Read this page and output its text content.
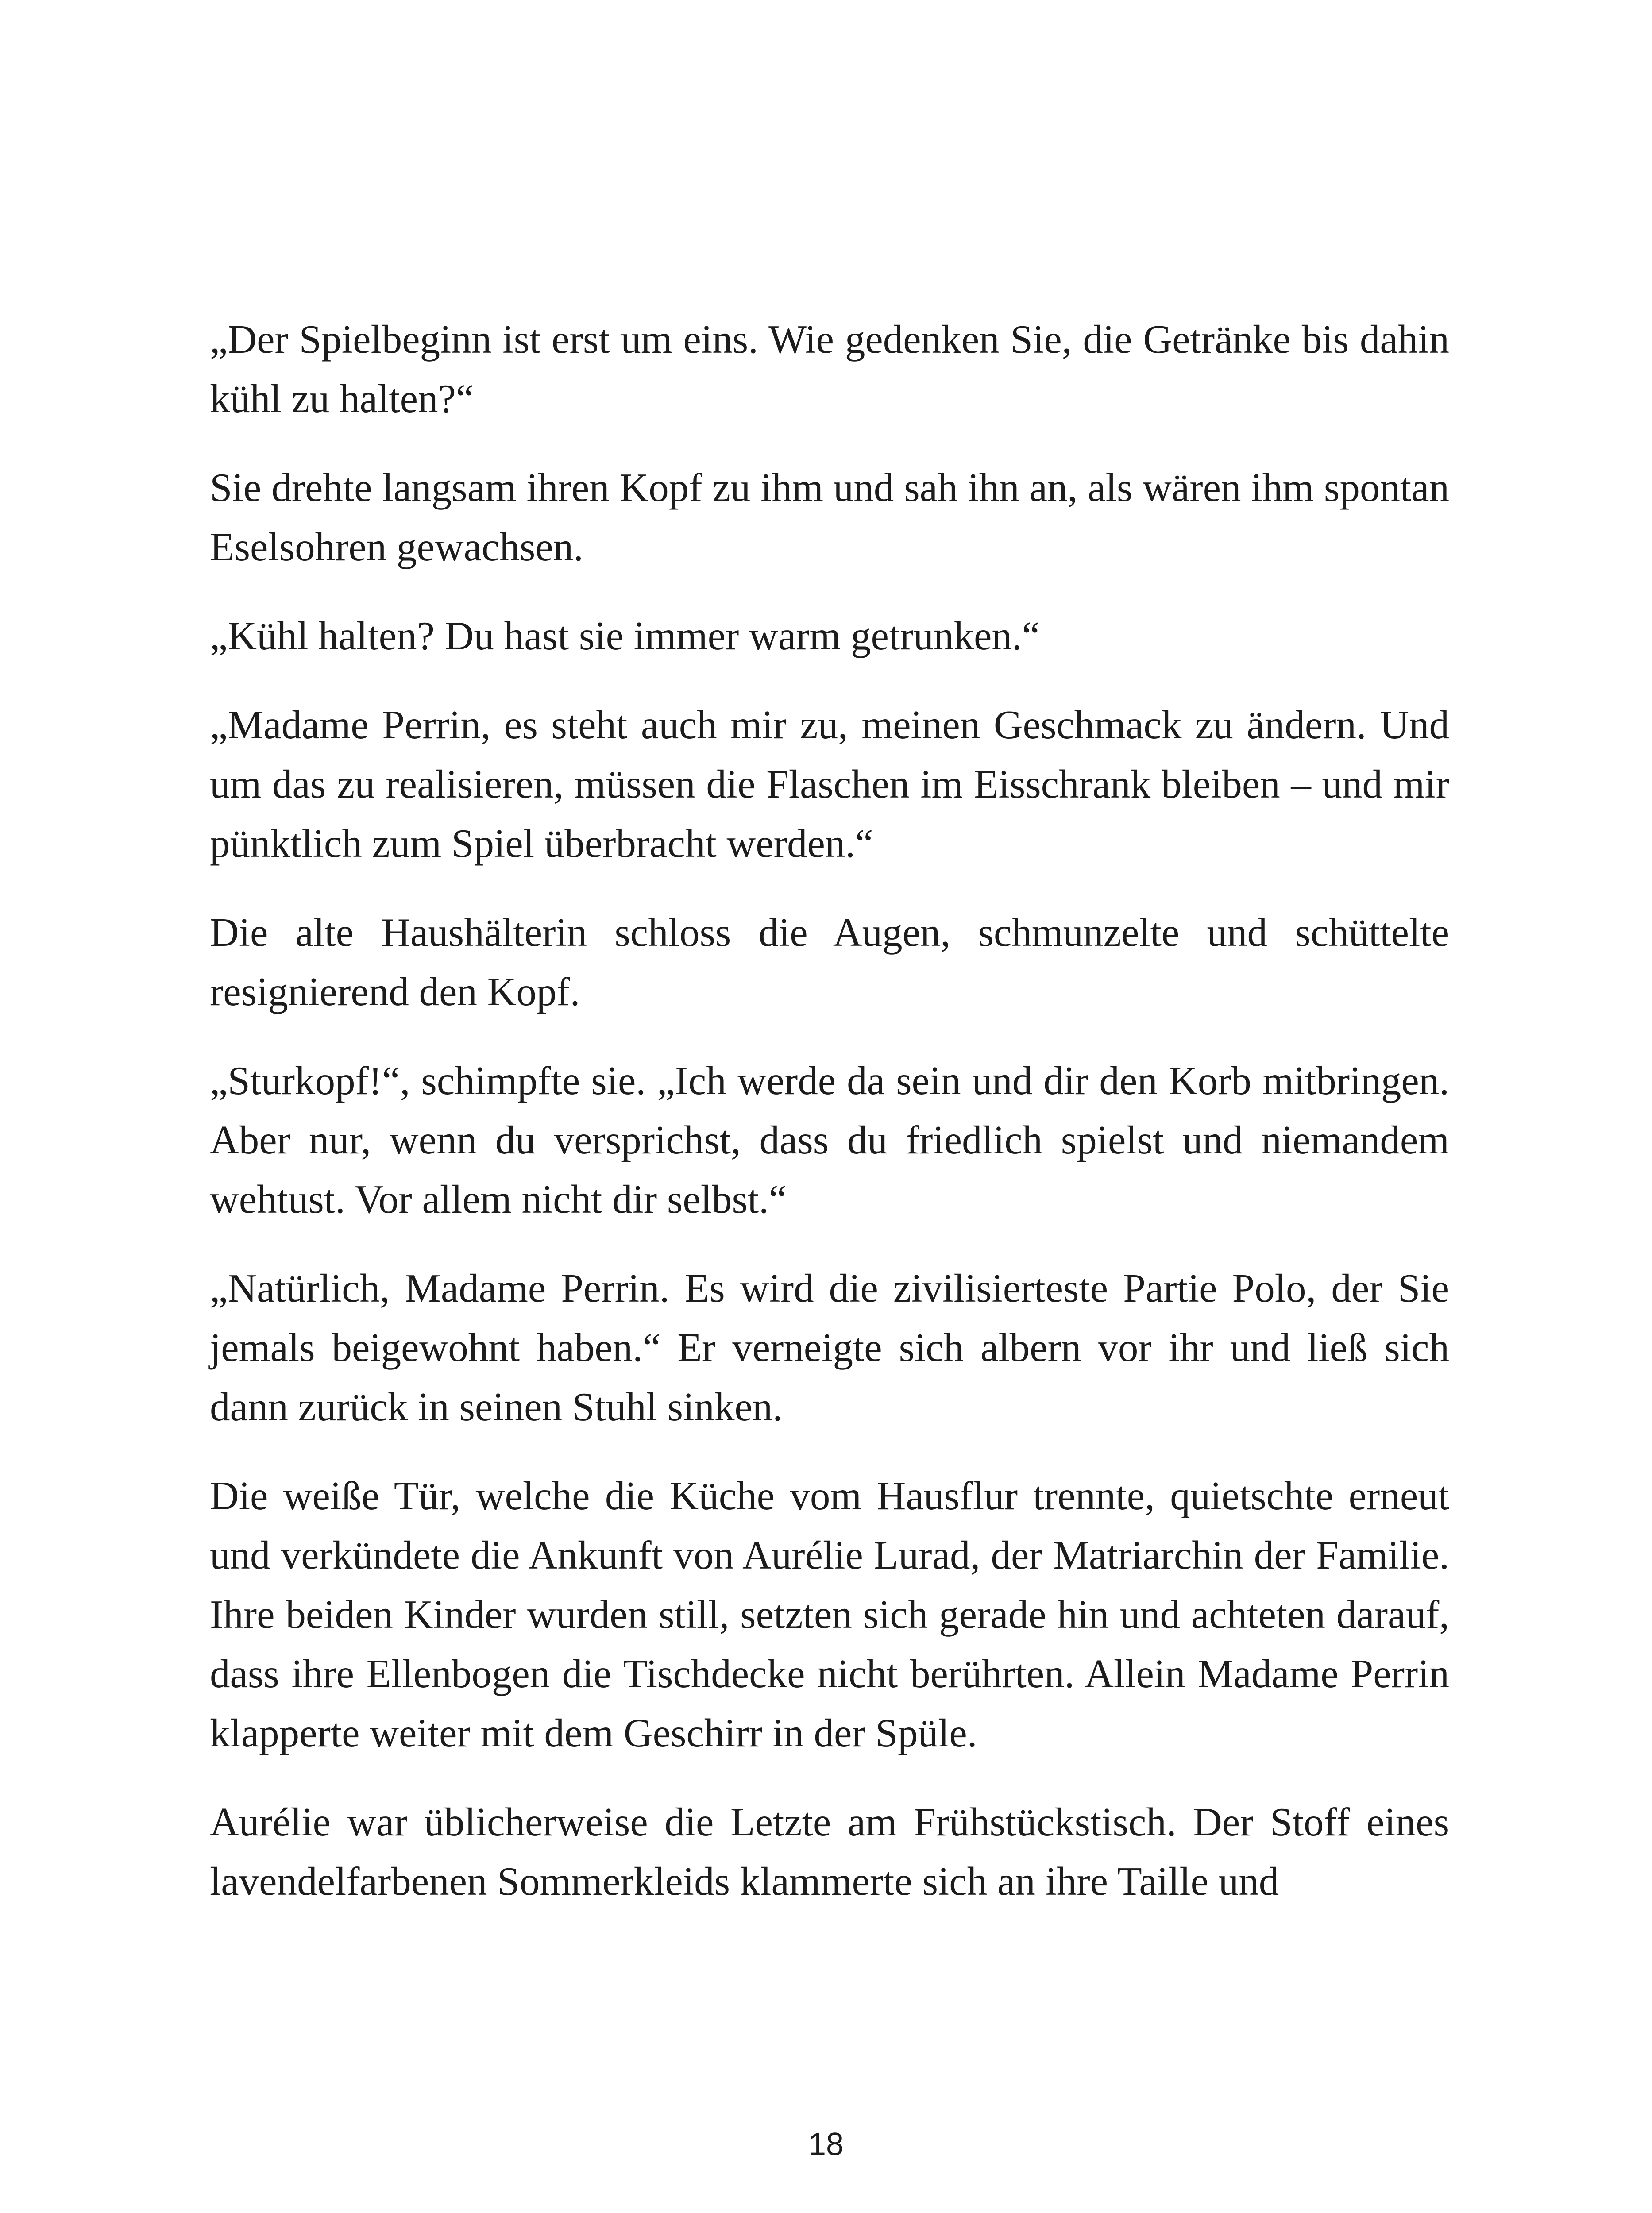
„Der Spielbeginn ist erst um eins. Wie gedenken Sie, die Getränke bis dahin kühl zu halten?“

Sie drehte langsam ihren Kopf zu ihm und sah ihn an, als wären ihm spontan Eselsohren gewachsen.

„Kühl halten? Du hast sie immer warm getrunken.“

„Madame Perrin, es steht auch mir zu, meinen Geschmack zu ändern. Und um das zu realisieren, müssen die Flaschen im Eisschrank bleiben – und mir pünktlich zum Spiel überbracht werden.“

Die alte Haushälterin schloss die Augen, schmunzelte und schüttelte resignierend den Kopf.

„Sturkopf!“, schimpfte sie. „Ich werde da sein und dir den Korb mitbringen. Aber nur, wenn du versprichst, dass du friedlich spielst und niemandem wehtust. Vor allem nicht dir selbst.“

„Natürlich, Madame Perrin. Es wird die zivilisierteste Partie Polo, der Sie jemals beigewohnt haben.“ Er verneigte sich albern vor ihr und ließ sich dann zurück in seinen Stuhl sinken.

Die weiße Tür, welche die Küche vom Hausflur trennte, quietschte erneut und verkündete die Ankunft von Aurélie Lurad, der Matriarchin der Familie. Ihre beiden Kinder wurden still, setzten sich gerade hin und achteten darauf, dass ihre Ellenbogen die Tischdecke nicht berührten. Allein Madame Perrin klapperte weiter mit dem Geschirr in der Spüle.

Aurélie war üblicherweise die Letzte am Frühstückstisch. Der Stoff eines lavendelfarbenen Sommerkleids klammerte sich an ihre Taille und

18
